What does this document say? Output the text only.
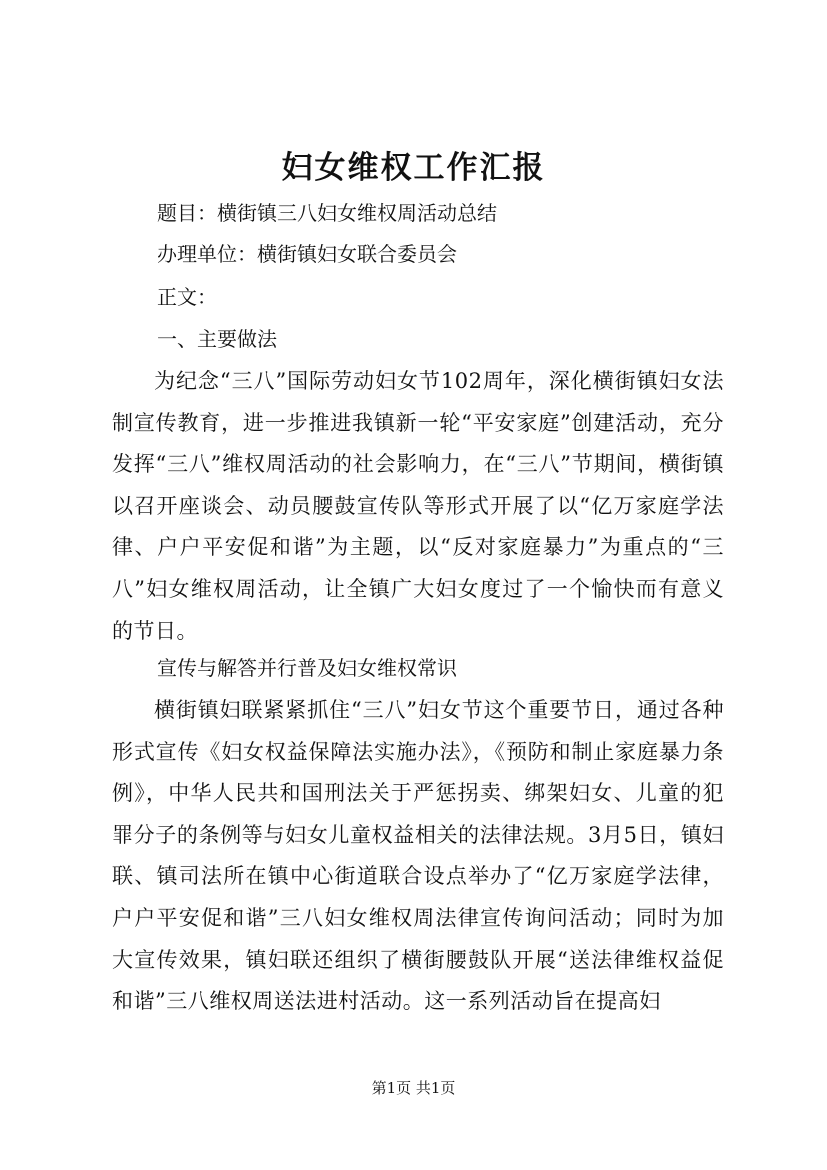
妇女维权工作汇报

题目：横街镇三八妇女维权周活动总结

办理单位：横街镇妇女联合委员会

正文：

一、主要做法

为纪念“三八”国际劳动妇女节102周年，深化横街镇妇女法制宣传教育，进一步推进我镇新一轮“平安家庭”创建活动，充分发挥“三八”维权周活动的社会影响力，在“三八”节期间，横街镇以召开座谈会、动员腰鼓宣传队等形式开展了以“亿万家庭学法律、户户平安促和谐”为主题，以“反对家庭暴力”为重点的“三八”妇女维权周活动，让全镇广大妇女度过了一个愉快而有意义的节日。

宣传与解答并行普及妇女维权常识

横街镇妇联紧紧抓住“三八”妇女节这个重要节日，通过各种形式宣传《妇女权益保障法实施办法》，《预防和制止家庭暴力条例》，中华人民共和国刑法关于严惩拐卖、绑架妇女、儿童的犯罪分子的条例等与妇女儿童权益相关的法律法规。3月5日，镇妇联、镇司法所在镇中心街道联合设点举办了“亿万家庭学法律，户户平安促和谐”三八妇女维权周法律宣传询问活动；同时为加大宣传效果，镇妇联还组织了横街腰鼓队开展“送法律维权益促和谐”三八维权周送法进村活动。这一系列活动旨在提高妇

第1页 共1页
